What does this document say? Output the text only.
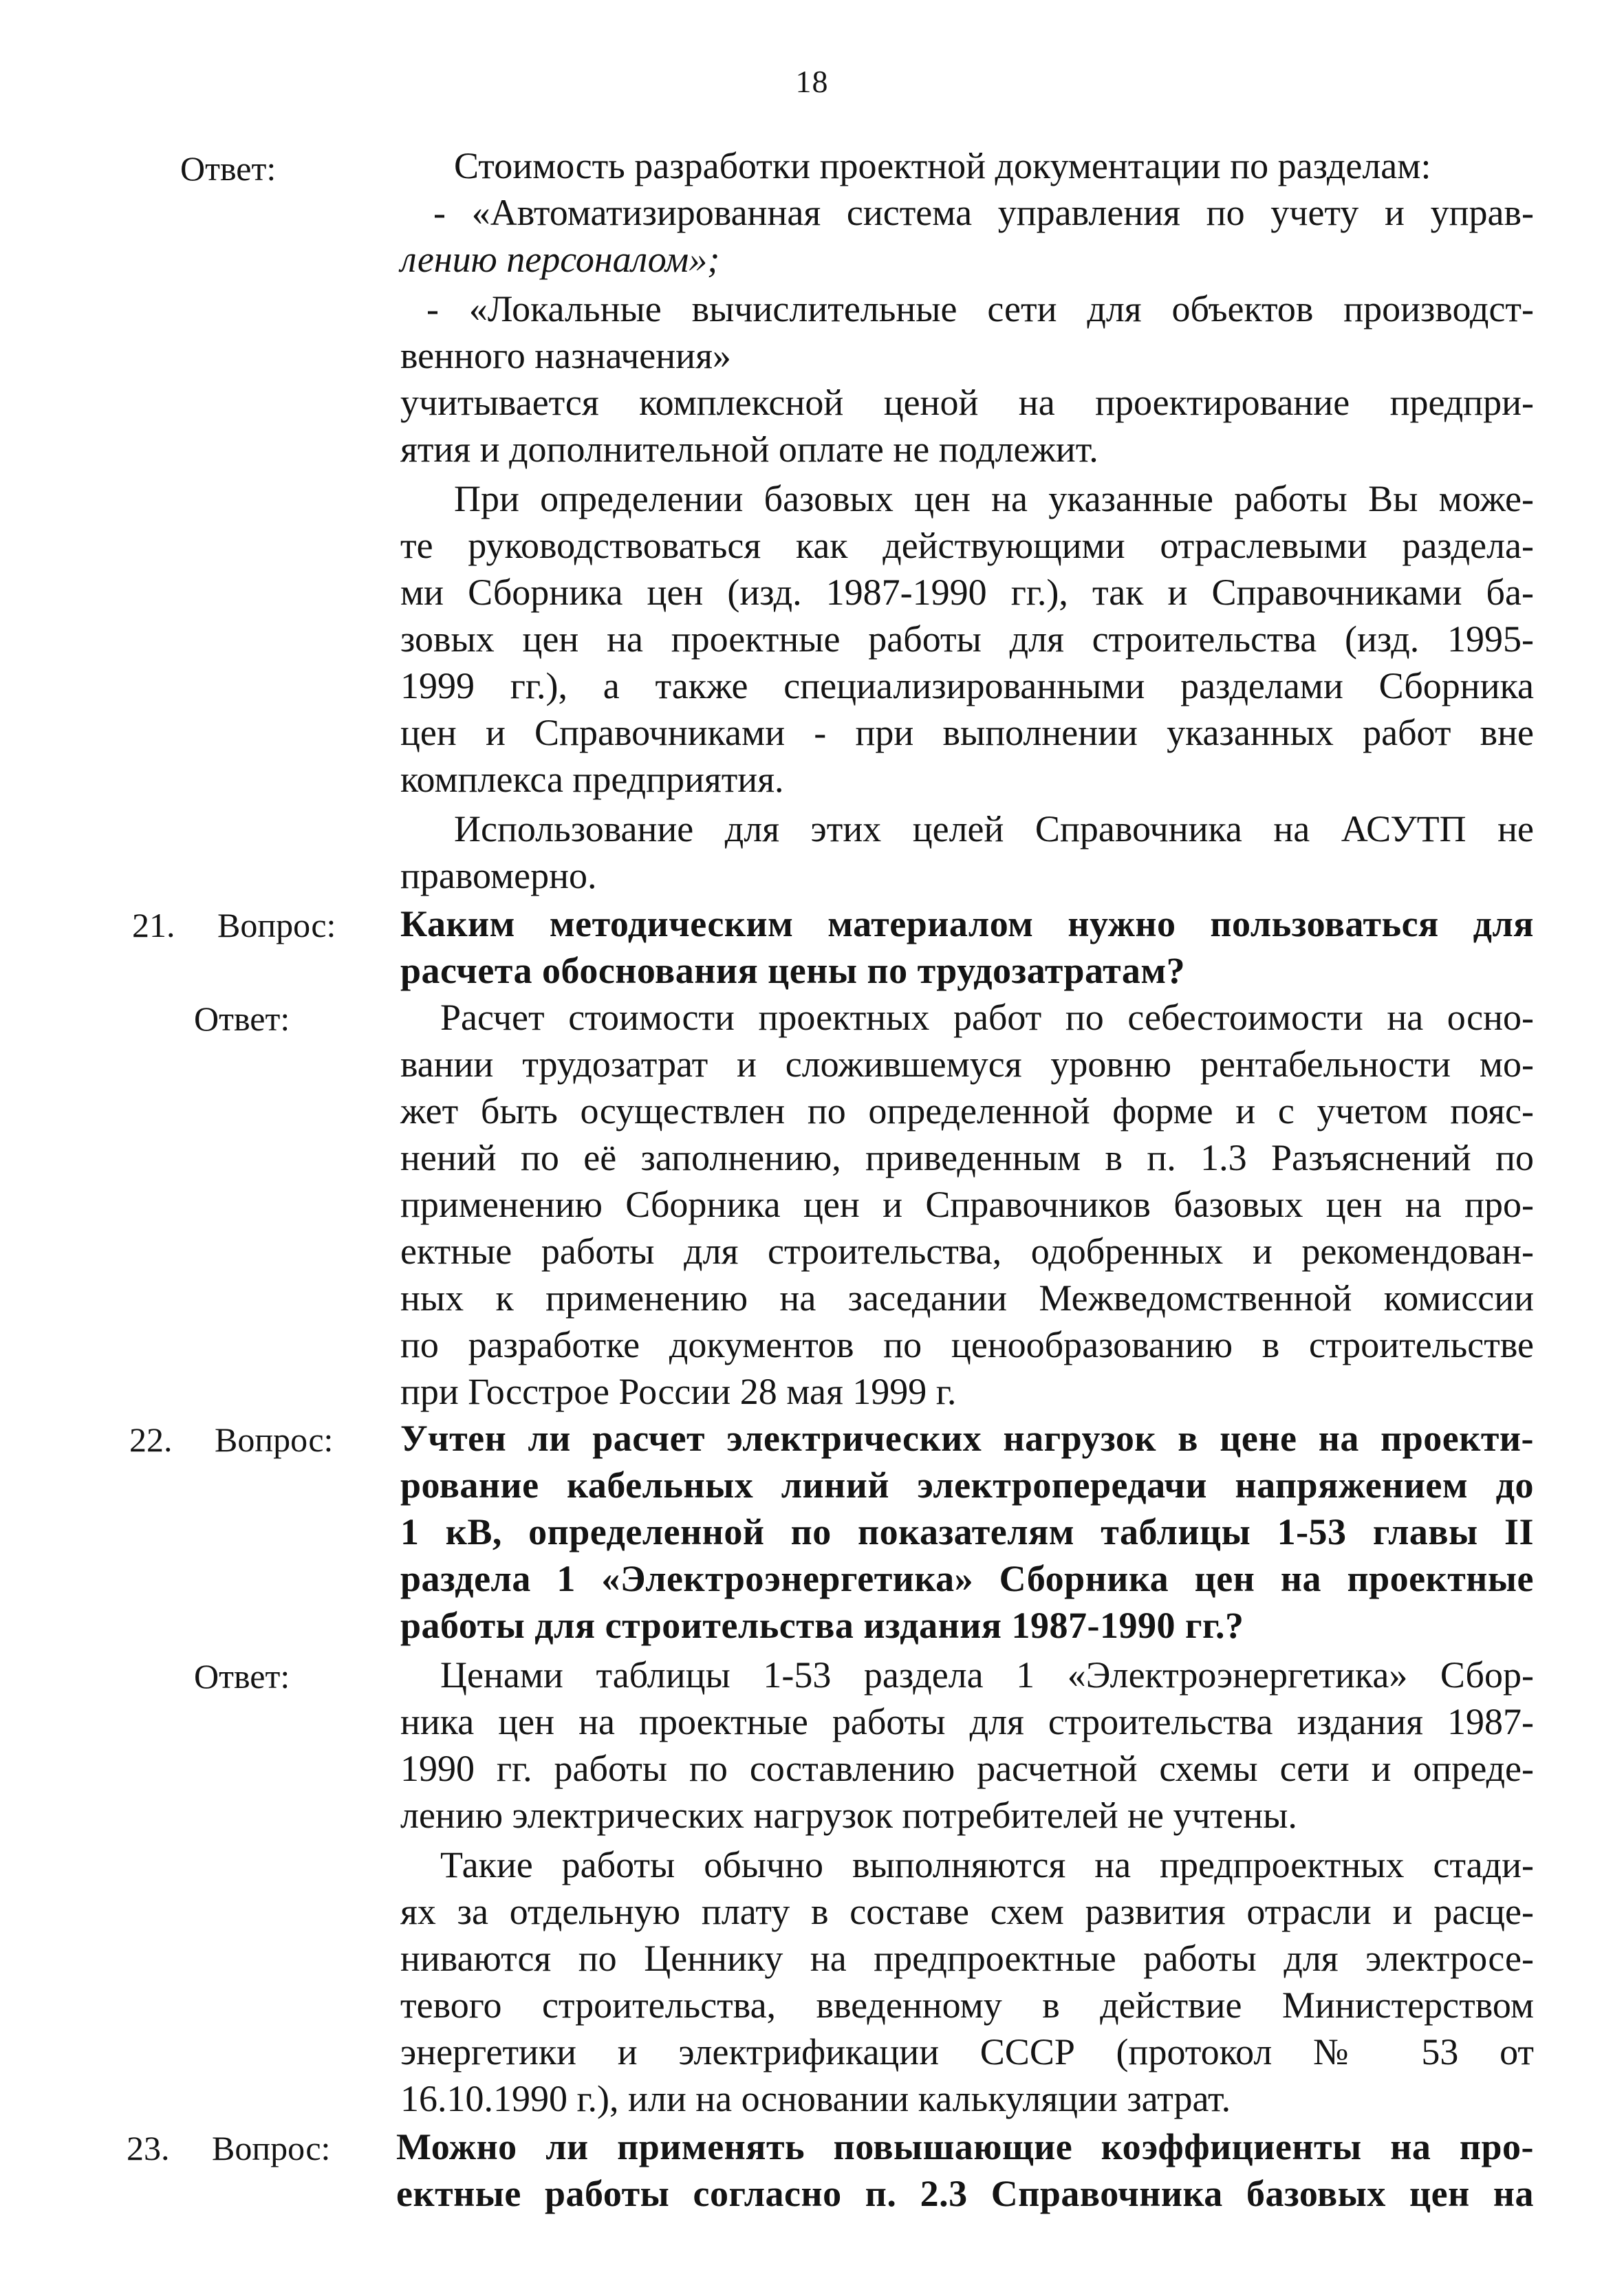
18
Ответ:	Стоимость разработки проектной документации по разделам:
- «Автоматизированная система управления по учету и управ-
лению персоналом»;
- «Локальные вычислительные сети для объектов производст-
венного назначения»
учитывается комплексной ценой на проектирование предпри-
ятия и дополнительной оплате не подлежит.
При определении базовых цен на указанные работы Вы може-
те руководствоваться как действующими отраслевыми раздела-
ми Сборника цен (изд. 1987-1990 гг.), так и Справочниками ба-
зовых цен на проектные работы для строительства (изд. 1995-
1999 гг.), а также специализированными разделами Сборника
цен и Справочниками - при выполнении указанных работ вне
комплекса предприятия.
Использование для этих целей Справочника на АСУТП не
правомерно.
21. Вопрос: Каким методическим материалом нужно пользоваться для
расчета обоснования цены по трудозатратам?
Ответ:	Расчет стоимости проектных работ по себестоимости на осно-
вании трудозатрат и сложившемуся уровню рентабельности мо-
жет быть осуществлен по определенной форме и с учетом пояс-
нений по её заполнению, приведенным в п. 1.3 Разъяснений по
применению Сборника цен и Справочников базовых цен на про-
ектные работы для строительства, одобренных и рекомендован-
ных к применению на заседании Межведомственной комиссии
по разработке документов по ценообразованию в строительстве
при Госстрое России 28 мая 1999 г.
22. Вопрос: Учтен ли расчет электрических нагрузок в цене на проекти-
рование кабельных линий электропередачи напряжением до
1 кВ, определенной по показателям таблицы 1-53 главы II
раздела 1 «Электроэнергетика» Сборника цен на проектные
работы для строительства издания 1987-1990 гг.?
Ответ:	Ценами таблицы 1-53 раздела 1 «Электроэнергетика» Сбор-
ника цен на проектные работы для строительства издания 1987-
1990 гг. работы по составлению расчетной схемы сети и опреде-
лению электрических нагрузок потребителей не учтены.
Такие работы обычно выполняются на предпроектных стади-
ях за отдельную плату в составе схем развития отрасли и расце-
ниваются по Ценнику на предпроектные работы для электросе-
тевого строительства, введенному в действие Министерством
энергетики и электрификации СССР (протокол № 53 от
16.10.1990 г.), или на основании калькуляции затрат.
23. Вопрос: Можно ли применять повышающие коэффициенты на про-
ектные работы согласно п. 2.3 Справочника базовых цен на
